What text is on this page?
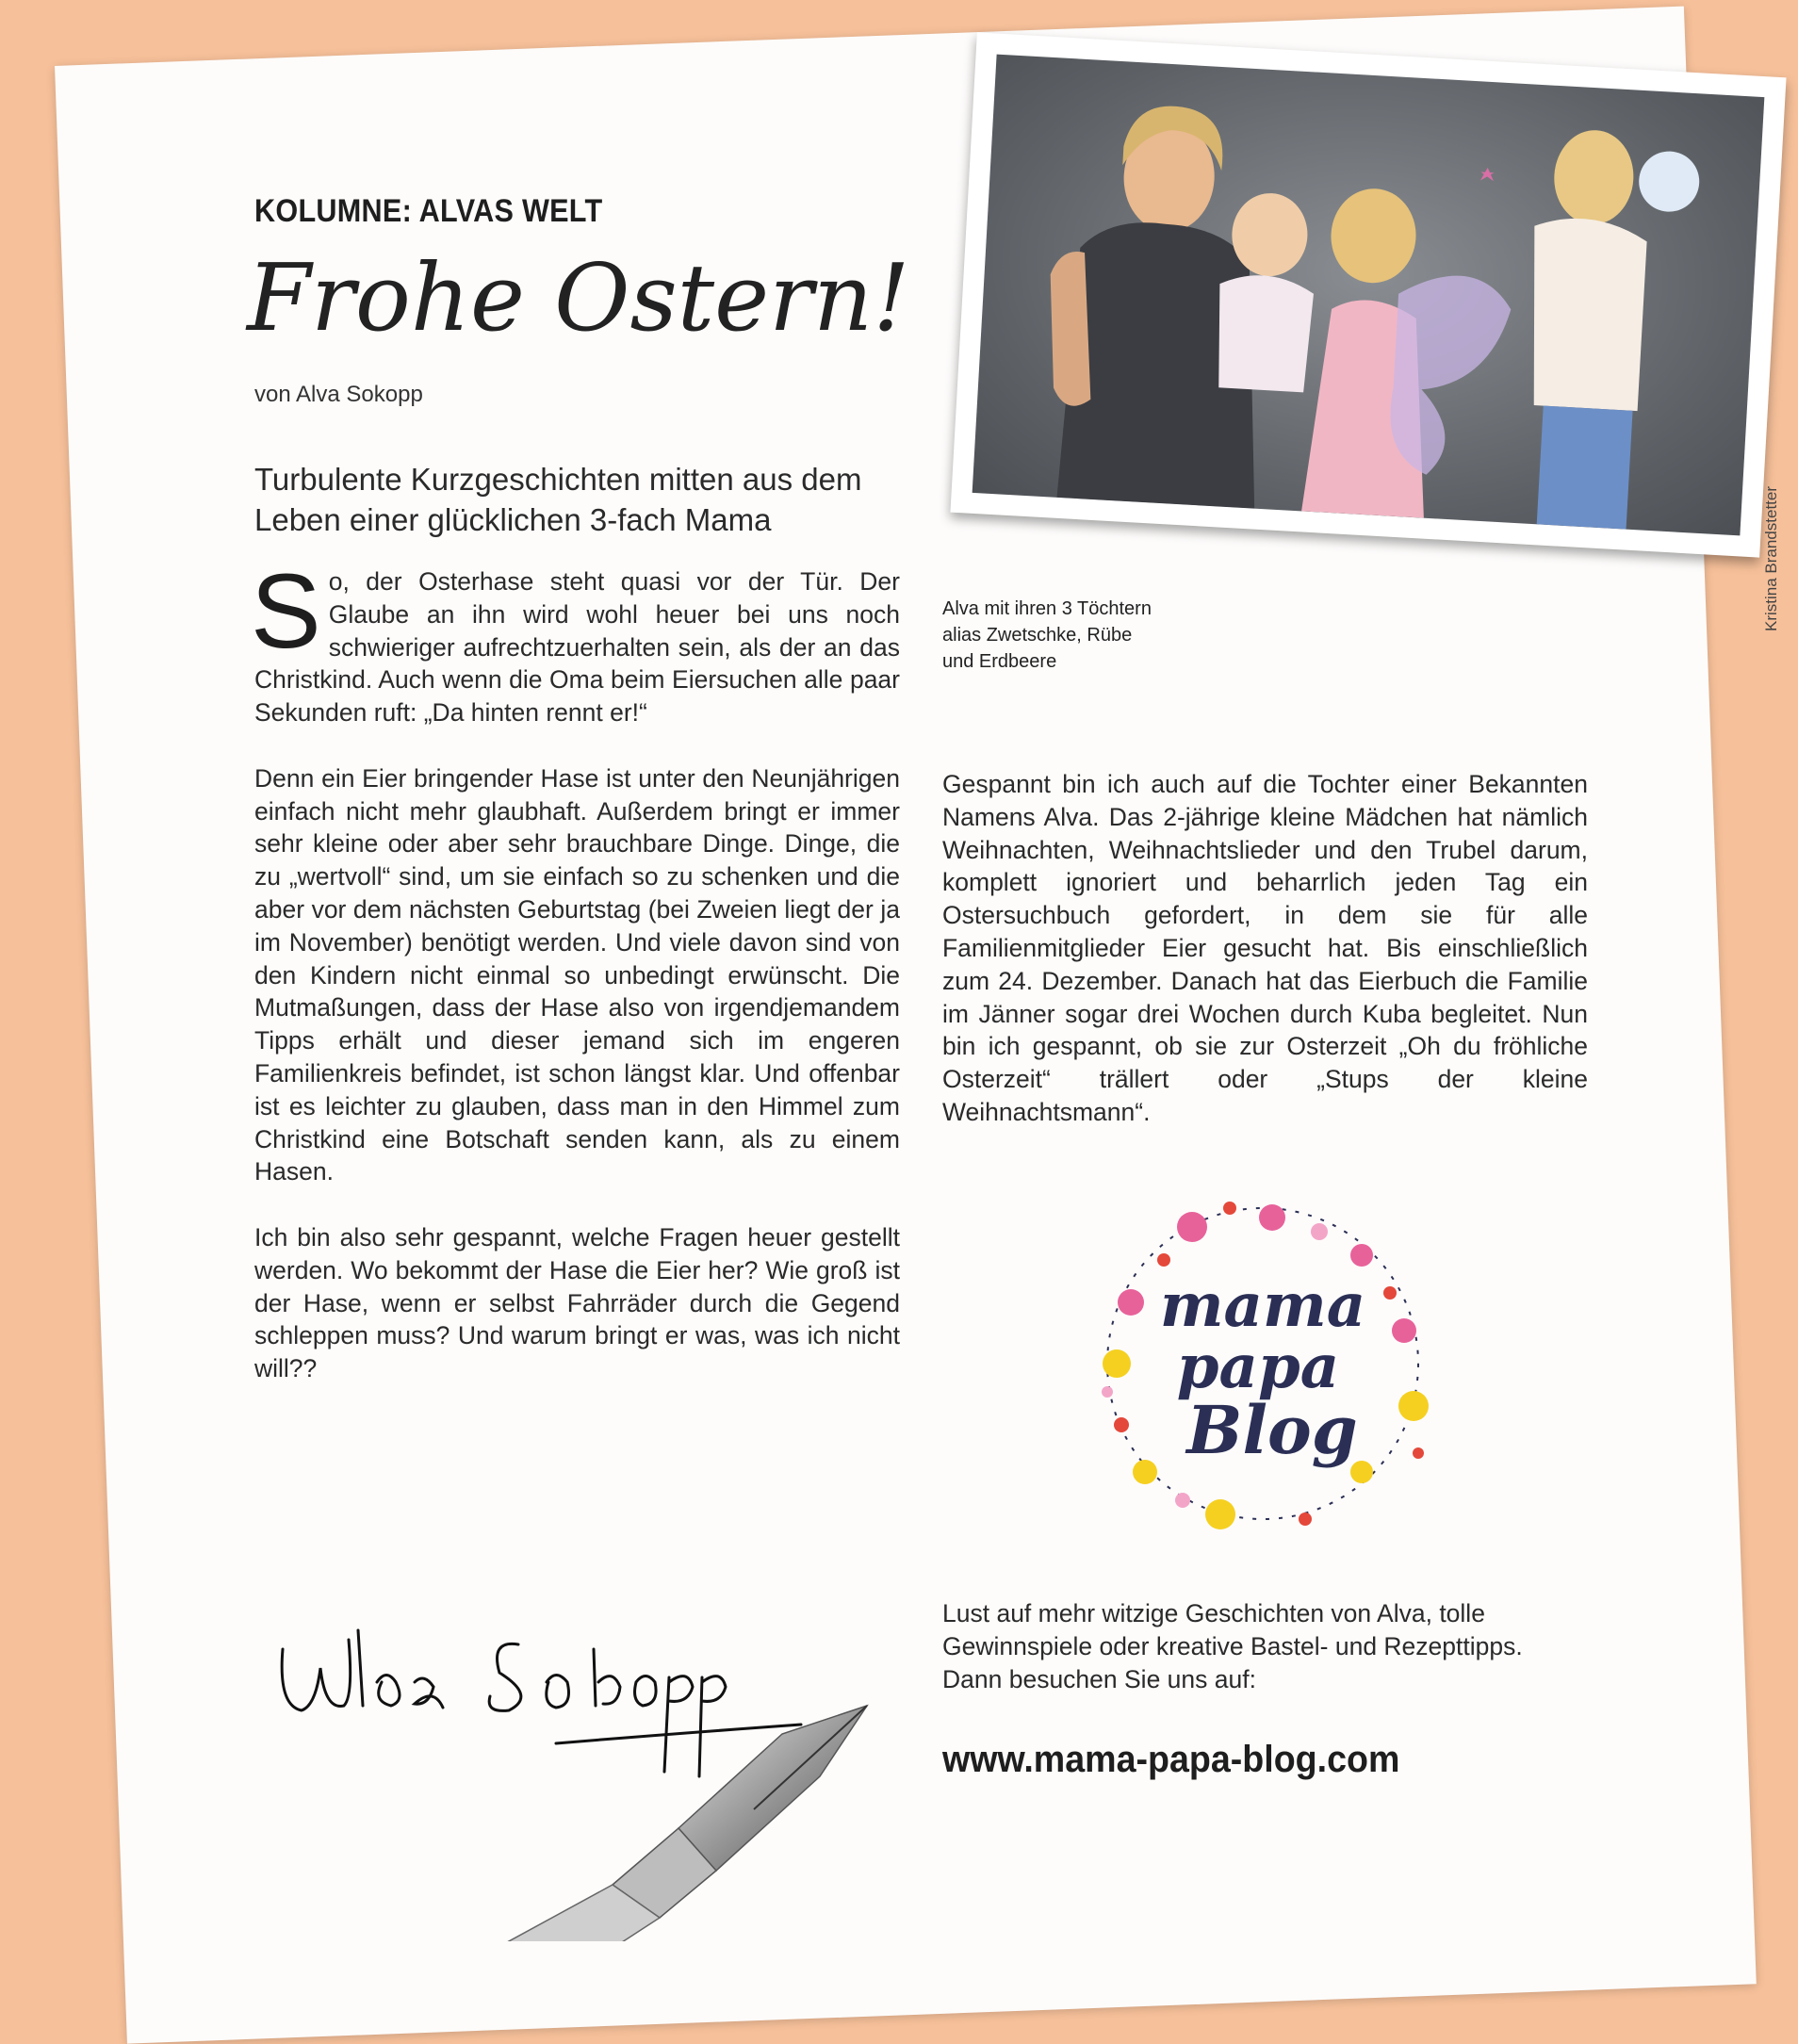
Kristina Brandstetter
KOLUMNE: ALVAS WELT
Frohe Ostern!
von Alva Sokopp
Turbulente Kurzgeschichten mitten aus dem Leben einer glücklichen 3-fach Mama

So, der Osterhase steht quasi vor der Tür. Der Glaube an ihn wird wohl heuer bei uns noch schwieriger aufrechtzuerhalten sein, als der an das Christkind. Auch wenn die Oma beim Eiersuchen alle paar Sekunden ruft: „Da hinten rennt er!“

Denn ein Eier bringender Hase ist unter den Neunjährigen einfach nicht mehr glaubhaft. Außerdem bringt er immer sehr kleine oder aber sehr brauchbare Dinge. Dinge, die zu „wertvoll“ sind, um sie einfach so zu schenken und die aber vor dem nächsten Geburtstag (bei Zweien liegt der ja im November) benötigt werden. Und viele davon sind von den Kindern nicht einmal so unbedingt erwünscht. Die Mutmaßungen, dass der Hase also von irgendjemandem Tipps erhält und dieser jemand sich im engeren Familienkreis befindet, ist schon längst klar. Und offenbar ist es leichter zu glauben, dass man in den Himmel zum Christkind eine Botschaft senden kann, als zu einem Hasen.

Ich bin also sehr gespannt, welche Fragen heuer gestellt werden. Wo bekommt der Hase die Eier her? Wie groß ist der Hase, wenn er selbst Fahrräder durch die Gegend schleppen muss? Und warum bringt er was, was ich nicht will??

Alva mit ihren 3 Töchtern
alias Zwetschke, Rübe
und Erdbeere

Gespannt bin ich auch auf die Tochter einer Bekannten Namens Alva. Das 2-jährige kleine Mädchen hat nämlich Weihnachten, Weihnachtslieder und den Trubel darum, komplett ignoriert und beharrlich jeden Tag ein Ostersuchbuch gefordert, in dem sie für alle Familienmitglieder Eier gesucht hat. Bis einschließlich zum 24. Dezember. Danach hat das Eierbuch die Familie im Jänner sogar drei Wochen durch Kuba begleitet. Nun bin ich gespannt, ob sie zur Osterzeit „Oh du fröhliche Osterzeit“ trällert oder „Stups der kleine Weihnachtsmann“.

mama
papa
Blog
Lust auf mehr witzige Geschichten von Alva, tolle
Gewinnspiele oder kreative Bastel- und Rezepttipps.
Dann besuchen Sie uns auf:
www.mama-papa-blog.com
